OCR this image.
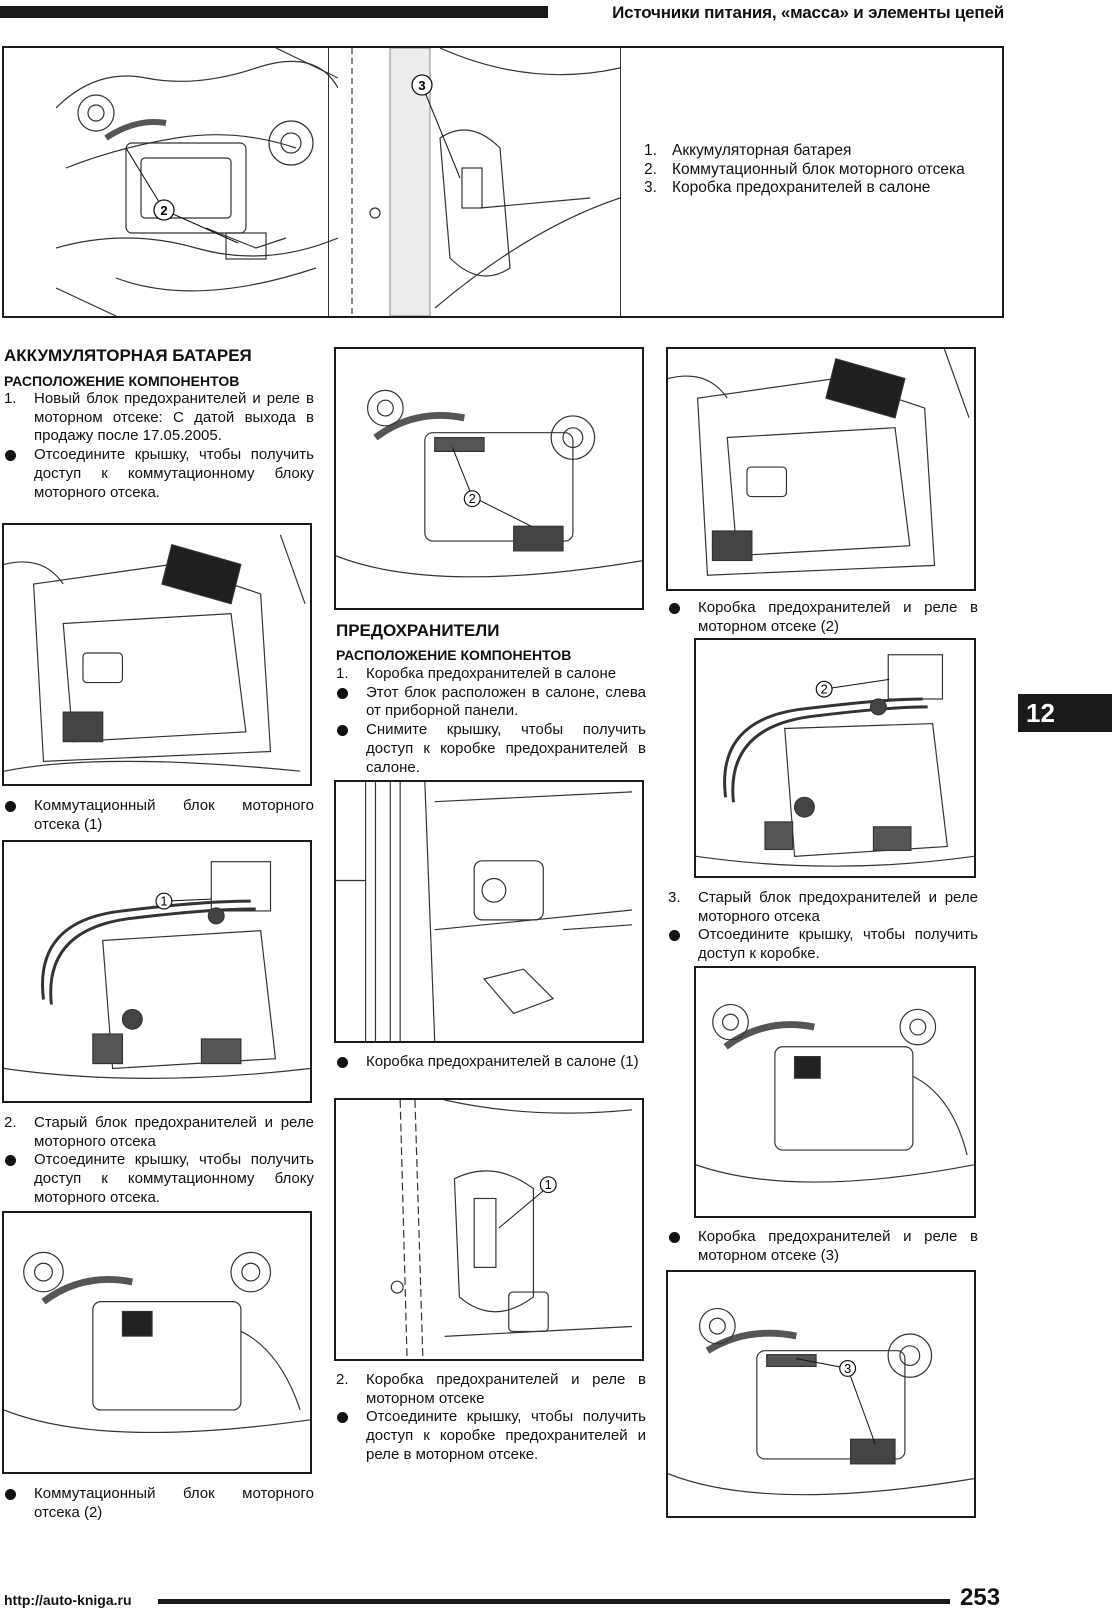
Источники питания, «масса» и элементы цепей
2
3
1. Аккумуляторная батарея
2. Коммутационный блок моторного отсека
3. Коробка предохранителей в салоне
АККУМУЛЯТОРНАЯ БАТАРЕЯ
РАСПОЛОЖЕНИЕ КОМПОНЕНТОВ
1. Новый блок предохранителей и реле в моторном отсеке: С датой выхода в продажу после 17.05.2005.
Отсоедините крышку, чтобы получить доступ к коммутационному блоку моторного отсека.
Коммутационный блок моторного отсека (1)
1
2. Старый блок предохранителей и реле моторного отсека
Отсоедините крышку, чтобы получить доступ к коммутационному блоку моторного отсека.
Коммутационный блок моторного отсека (2)
2
ПРЕДОХРАНИТЕЛИ
РАСПОЛОЖЕНИЕ КОМПОНЕНТОВ
1. Коробка предохранителей в салоне
Этот блок расположен в салоне, слева от приборной панели.
Снимите крышку, чтобы получить доступ к коробке предохранителей в салоне.
Коробка предохранителей в салоне (1)
1
2. Коробка предохранителей и реле в моторном отсеке
Отсоедините крышку, чтобы получить доступ к коробке предохранителей и реле в моторном отсеке.
Коробка предохранителей и реле в моторном отсеке (2)
2
3. Старый блок предохранителей и реле моторного отсека
Отсоедините крышку, чтобы получить доступ к коробке.
Коробка предохранителей и реле в моторном отсеке (3)
3
12
http://auto-kniga.ru	253
